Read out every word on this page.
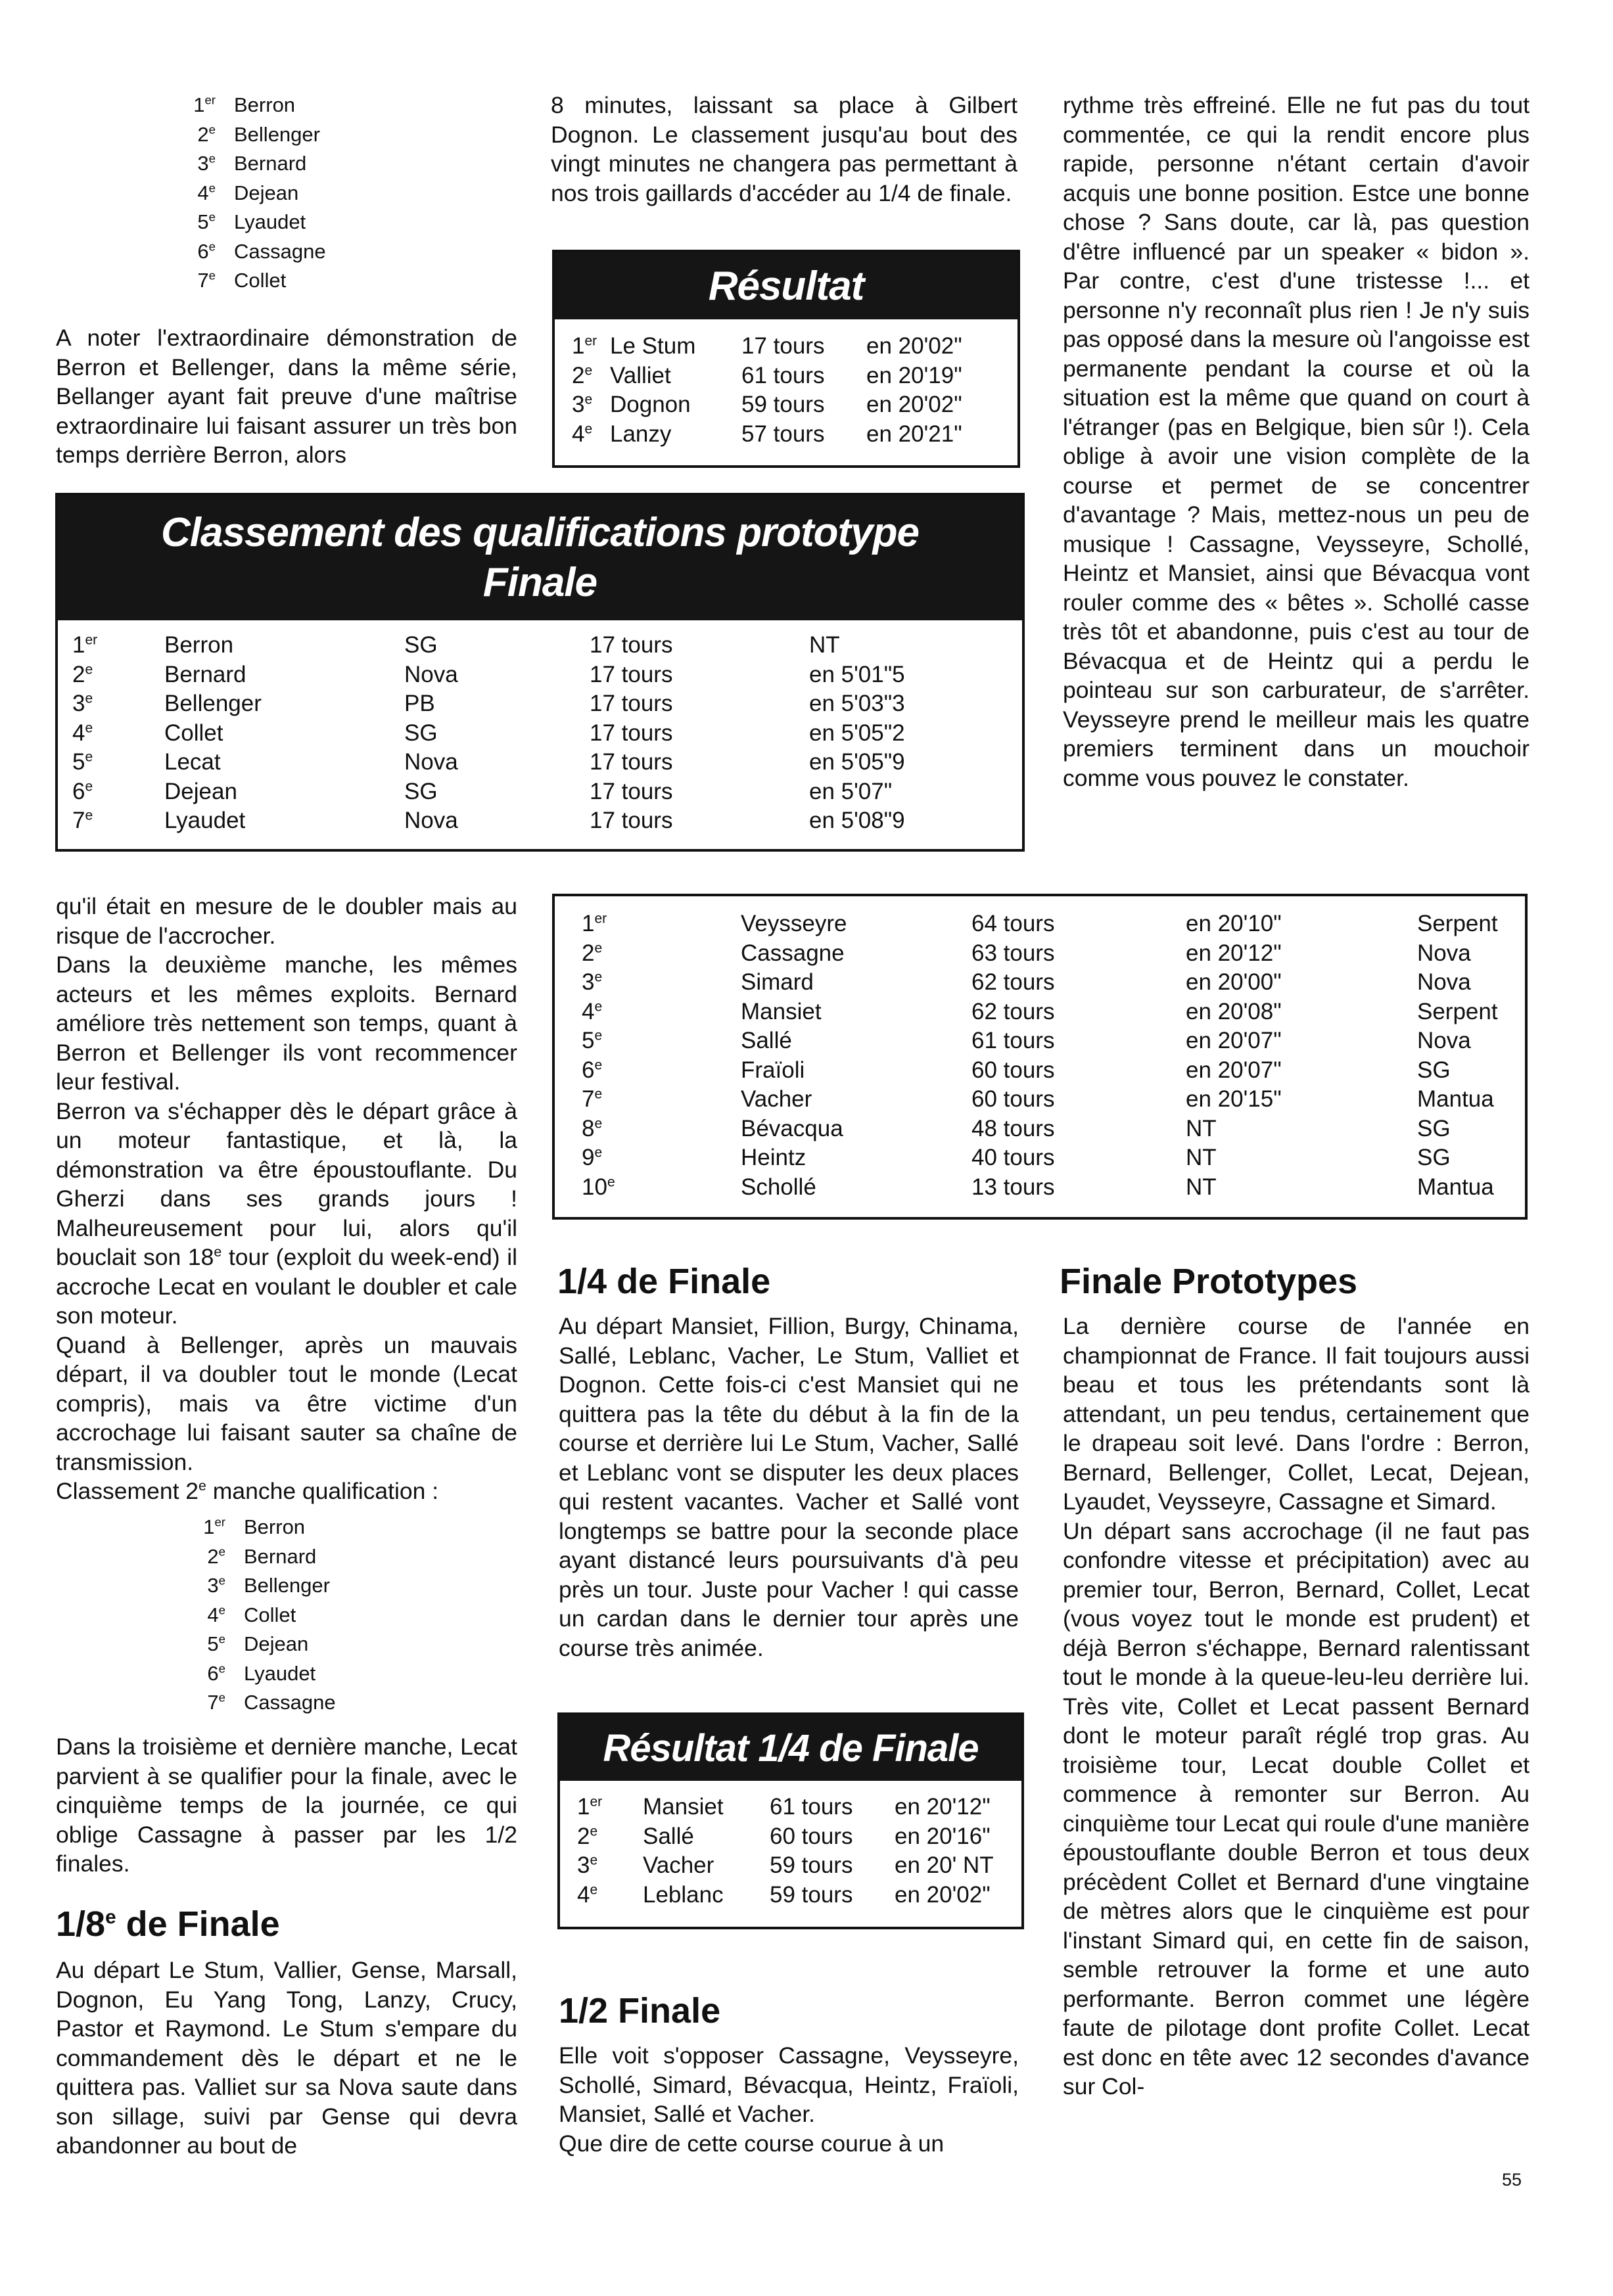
1er Berron
2e Bellenger
3e Bernard
4e Dejean
5e Lyaudet
6e Cassagne
7e Collet

A noter l'extraordinaire démonstration de Berron et Bellenger, dans la même série, Bellanger ayant fait preuve d'une maîtrise extraordinaire lui faisant assurer un très bon temps derrière Berron, alors

8 minutes, laissant sa place à Gilbert Dognon. Le classement jusqu'au bout des vingt minutes ne changera pas permettant à nos trois gaillards d'accéder au 1/4 de finale.

Résultat
1er Le Stum	17 tours	en 20'02"
2e Valliet	61 tours	en 20'19"
3e Dognon	59 tours	en 20'02"
4e Lanzy	57 tours	en 20'21"

rythme très effreiné. Elle ne fut pas du tout commentée, ce qui la rendit encore plus rapide, personne n'étant certain d'avoir acquis une bonne position. Estce une bonne chose ? Sans doute, car là, pas question d'être influencé par un speaker « bidon ». Par contre, c'est d'une tristesse !... et personne n'y reconnaît plus rien ! Je n'y suis pas opposé dans la mesure où l'angoisse est permanente pendant la course et où la situation est la même que quand on court à l'étranger (pas en Belgique, bien sûr !). Cela oblige à avoir une vision complète de la course et permet de se concentrer d'avantage ? Mais, mettez-nous un peu de musique ! Cassagne, Veysseyre, Schollé, Heintz et Mansiet, ainsi que Bévacqua vont rouler comme des « bêtes ». Schollé casse très tôt et abandonne, puis c'est au tour de Bévacqua et de Heintz qui a perdu le pointeau sur son carburateur, de s'arrêter. Veysseyre prend le meilleur mais les quatre premiers terminent dans un mouchoir comme vous pouvez le constater.

Classement des qualifications prototype
Finale
1er	Berron	SG	17 tours	NT
2e	Bernard	Nova	17 tours	en 5'01"5
3e	Bellenger	PB	17 tours	en 5'03"3
4e	Collet	SG	17 tours	en 5'05"2
5e	Lecat	Nova	17 tours	en 5'05"9
6e	Dejean	SG	17 tours	en 5'07"
7e	Lyaudet	Nova	17 tours	en 5'08"9

qu'il était en mesure de le doubler mais au risque de l'accrocher.

Dans la deuxième manche, les mêmes acteurs et les mêmes exploits. Bernard améliore très nettement son temps, quant à Berron et Bellenger ils vont recommencer leur festival.

Berron va s'échapper dès le départ grâce à un moteur fantastique, et là, la démonstration va être époustouflante. Du Gherzi dans ses grands jours ! Malheureusement pour lui, alors qu'il bouclait son 18e tour (exploit du week-end) il accroche Lecat en voulant le doubler et cale son moteur.

Quand à Bellenger, après un mauvais départ, il va doubler tout le monde (Lecat compris), mais va être victime d'un accrochage lui faisant sauter sa chaîne de transmission.

Classement 2e manche qualification :

1er Berron
2e Bernard
3e Bellenger
4e Collet
5e Dejean
6e Lyaudet
7e Cassagne

Dans la troisième et dernière manche, Lecat parvient à se qualifier pour la finale, avec le cinquième temps de la journée, ce qui oblige Cassagne à passer par les 1/2 finales.

1/8e de Finale

Au départ Le Stum, Vallier, Gense, Marsall, Dognon, Eu Yang Tong, Lanzy, Crucy, Pastor et Raymond. Le Stum s'empare du commandement dès le départ et ne le quittera pas. Valliet sur sa Nova saute dans son sillage, suivi par Gense qui devra abandonner au bout de

1er	Veysseyre	64 tours	en 20'10"	Serpent
2e	Cassagne	63 tours	en 20'12"	Nova
3e	Simard	62 tours	en 20'00"	Nova
4e	Mansiet	62 tours	en 20'08"	Serpent
5e	Sallé	61 tours	en 20'07"	Nova
6e	Fraïoli	60 tours	en 20'07"	SG
7e	Vacher	60 tours	en 20'15"	Mantua
8e	Bévacqua	48 tours	NT	SG
9e	Heintz	40 tours	NT	SG
10e	Schollé	13 tours	NT	Mantua
1/4 de Finale

Au départ Mansiet, Fillion, Burgy, Chinama, Sallé, Leblanc, Vacher, Le Stum, Valliet et Dognon. Cette fois-ci c'est Mansiet qui ne quittera pas la tête du début à la fin de la course et derrière lui Le Stum, Vacher, Sallé et Leblanc vont se disputer les deux places qui restent vacantes. Vacher et Sallé vont longtemps se battre pour la seconde place ayant distancé leurs poursuivants d'à peu près un tour. Juste pour Vacher ! qui casse un cardan dans le dernier tour après une course très animée.

Résultat 1/4 de Finale
1er	Mansiet	61 tours	en 20'12"
2e	Sallé	60 tours	en 20'16"
3e	Vacher	59 tours	en 20' NT
4e	Leblanc	59 tours	en 20'02"
1/2 Finale

Elle voit s'opposer Cassagne, Veysseyre, Schollé, Simard, Bévacqua, Heintz, Fraïoli, Mansiet, Sallé et Vacher.

Que dire de cette course courue à un

Finale Prototypes

La dernière course de l'année en championnat de France. Il fait toujours aussi beau et tous les prétendants sont là attendant, un peu tendus, certainement que le drapeau soit levé. Dans l'ordre : Berron, Bernard, Bellenger, Collet, Lecat, Dejean, Lyaudet, Veysseyre, Cassagne et Simard.

Un départ sans accrochage (il ne faut pas confondre vitesse et précipitation) avec au premier tour, Berron, Bernard, Collet, Lecat (vous voyez tout le monde est prudent) et déjà Berron s'échappe, Bernard ralentissant tout le monde à la queue-leu-leu derrière lui. Très vite, Collet et Lecat passent Bernard dont le moteur paraît réglé trop gras. Au troisième tour, Lecat double Collet et commence à remonter sur Berron. Au cinquième tour Lecat qui roule d'une manière époustouflante double Berron et tous deux précèdent Collet et Bernard d'une vingtaine de mètres alors que le cinquième est pour l'instant Simard qui, en cette fin de saison, semble retrouver la forme et une auto performante. Berron commet une légère faute de pilotage dont profite Collet. Lecat est donc en tête avec 12 secondes d'avance sur Col-

55
